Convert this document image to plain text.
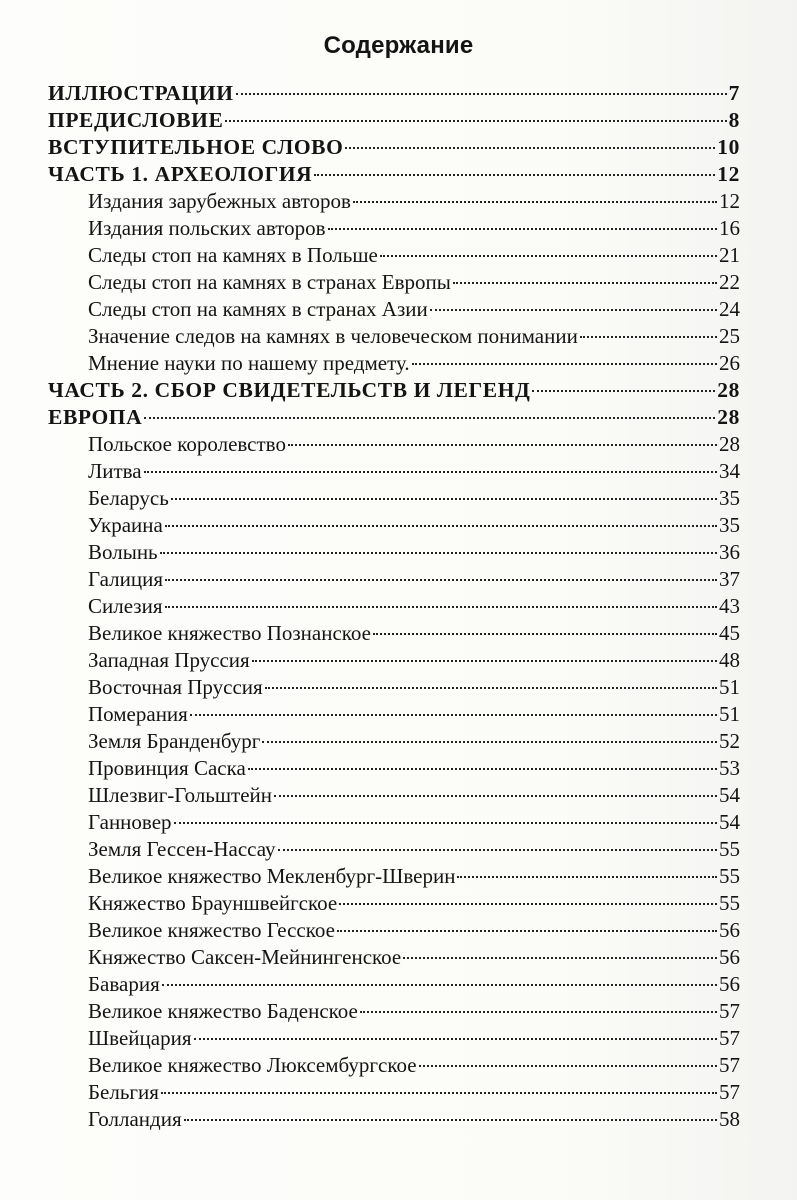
Содержание
ИЛЛЮСТРАЦИИ	7
ПРЕДИСЛОВИЕ	8
ВСТУПИТЕЛЬНОЕ СЛОВО	10
ЧАСТЬ 1. АРХЕОЛОГИЯ	12
Издания зарубежных авторов	12
Издания польских авторов	16
Следы стоп на камнях в Польше	21
Следы стоп на камнях в странах Европы	22
Следы стоп на камнях в странах Азии	24
Значение следов на камнях в человеческом понимании	25
Мнение науки по нашему предмету.	26
ЧАСТЬ 2. СБОР СВИДЕТЕЛЬСТВ И ЛЕГЕНД	28
ЕВРОПА	28
Польское королевство	28
Литва	34
Беларусь	35
Украина	35
Волынь	36
Галиция	37
Силезия	43
Великое княжество Познанское	45
Западная Пруссия	48
Восточная Пруссия	51
Померания	51
Земля Бранденбург	52
Провинция Саска	53
Шлезвиг-Гольштейн	54
Ганновер	54
Земля Гессен-Нассау	55
Великое княжество Мекленбург-Шверин	55
Княжество Брауншвейгское	55
Великое княжество Гесское	56
Княжество Саксен-Мейнингенское	56
Бавария	56
Великое княжество Баденское	57
Швейцария	57
Великое княжество Люксембургское	57
Бельгия	57
Голландия	58
